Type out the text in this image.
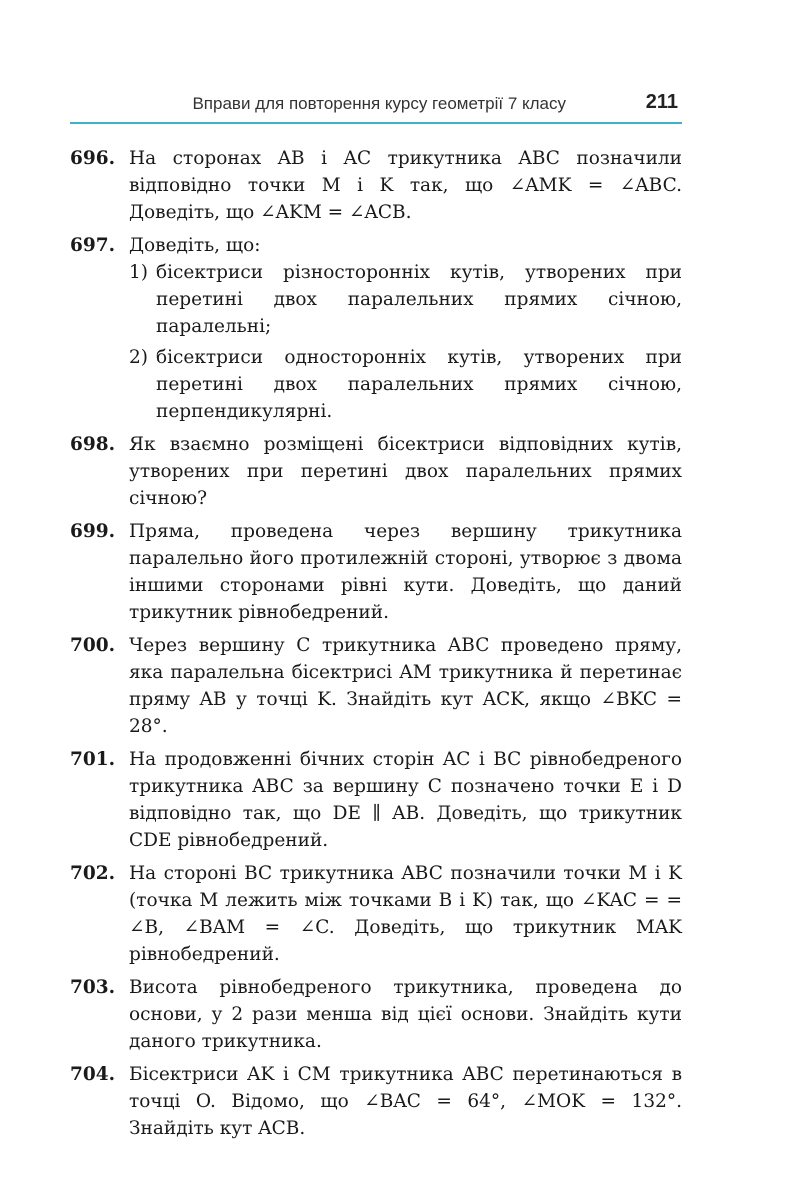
Вправи для повторення курсу геометрії 7 класу	211
696. На сторонах AB і AC трикутника ABC позначили відповідно точки M і K так, що ∠AMK = ∠ABC. Доведіть, що ∠AKM = ∠ACB.
697. Доведіть, що:
1) бісектриси різносторонніх кутів, утворених при перетині двох паралельних прямих січною, паралельні;
2) бісектриси односторонніх кутів, утворених при перетині двох паралельних прямих січною, перпендикулярні.
698. Як взаємно розміщені бісектриси відповідних кутів, утворених при перетині двох паралельних прямих січною?
699. Пряма, проведена через вершину трикутника паралельно його протилежній стороні, утворює з двома іншими сторонами рівні кути. Доведіть, що даний трикутник рівнобедрений.
700. Через вершину C трикутника ABC проведено пряму, яка паралельна бісектрисі AM трикутника й перетинає пряму AB у точці K. Знайдіть кут ACK, якщо ∠BKC = 28°.
701. На продовженні бічних сторін AC і BC рівнобедреного трикутника ABC за вершину C позначено точки E і D відповідно так, що DE ∥ AB. Доведіть, що трикутник CDE рівнобедрений.
702. На стороні BC трикутника ABC позначили точки M і K (точка M лежить між точками B і K) так, що ∠KAC = = ∠B, ∠BAM = ∠C. Доведіть, що трикутник MAK рівнобедрений.
703. Висота рівнобедреного трикутника, проведена до основи, у 2 рази менша від цієї основи. Знайдіть кути даного трикутника.
704. Бісектриси AK і CM трикутника ABC перетинаються в точці O. Відомо, що ∠BAC = 64°, ∠MOK = 132°. Знайдіть кут ACB.
